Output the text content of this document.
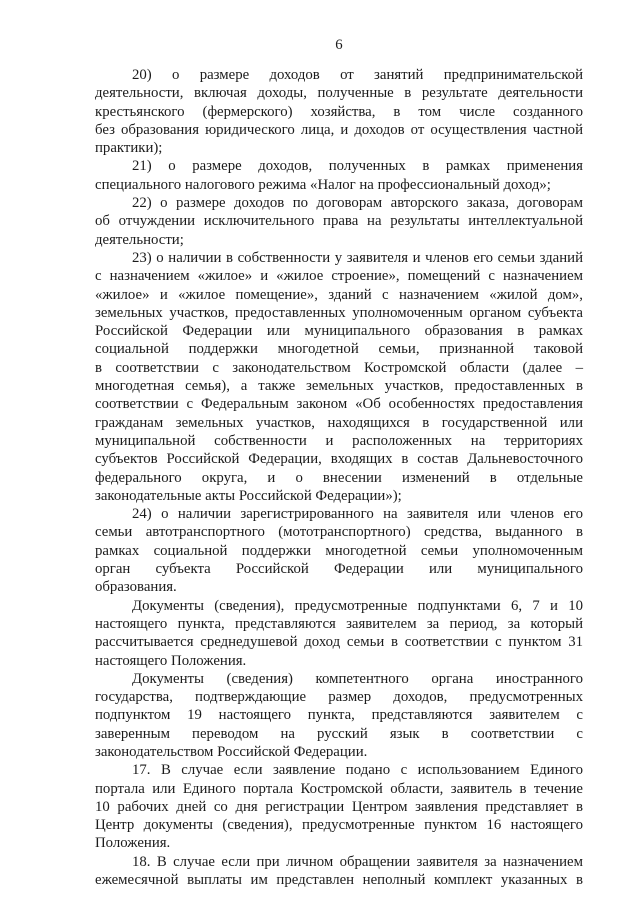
6
20) о размере доходов от занятий предпринимательской
деятельности, включая доходы, полученные в результате деятельности
крестьянского (фермерского) хозяйства, в том числе созданного
без образования юридического лица, и доходов от осуществления частной
практики);
21) о размере доходов, полученных в рамках применения
специального налогового режима «Налог на профессиональный доход»;
22) о размере доходов по договорам авторского заказа, договорам
об отчуждении исключительного права на результаты интеллектуальной
деятельности;
23) о наличии в собственности у заявителя и членов его семьи зданий
с назначением «жилое» и «жилое строение», помещений с назначением
«жилое» и «жилое помещение», зданий с назначением «жилой дом»,
земельных участков, предоставленных уполномоченным органом субъекта
Российской Федерации или муниципального образования в рамках
социальной поддержки многодетной семьи, признанной таковой
в соответствии с законодательством Костромской области (далее –
многодетная семья), а также земельных участков, предоставленных в
соответствии с Федеральным законом «Об особенностях предоставления
гражданам земельных участков, находящихся в государственной или
муниципальной собственности и расположенных на территориях
субъектов Российской Федерации, входящих в состав Дальневосточного
федерального округа, и о внесении изменений в отдельные
законодательные акты Российской Федерации»);
24) о наличии зарегистрированного на заявителя или членов его
семьи автотранспортного (мототранспортного) средства, выданного в
рамках социальной поддержки многодетной семьи уполномоченным
орган субъекта Российской Федерации или муниципального
образования.
Документы (сведения), предусмотренные подпунктами 6, 7 и 10
настоящего пункта, представляются заявителем за период, за который
рассчитывается среднедушевой доход семьи в соответствии с пунктом 31
настоящего Положения.
Документы (сведения) компетентного органа иностранного
государства, подтверждающие размер доходов, предусмотренных
подпунктом 19 настоящего пункта, представляются заявителем с
заверенным переводом на русский язык в соответствии с
законодательством Российской Федерации.
17. В случае если заявление подано с использованием Единого
портала или Единого портала Костромской области, заявитель в течение
10 рабочих дней со дня регистрации Центром заявления представляет в
Центр документы (сведения), предусмотренные пунктом 16 настоящего
Положения.
18. В случае если при личном обращении заявителя за назначением
ежемесячной выплаты им представлен неполный комплект указанных в
